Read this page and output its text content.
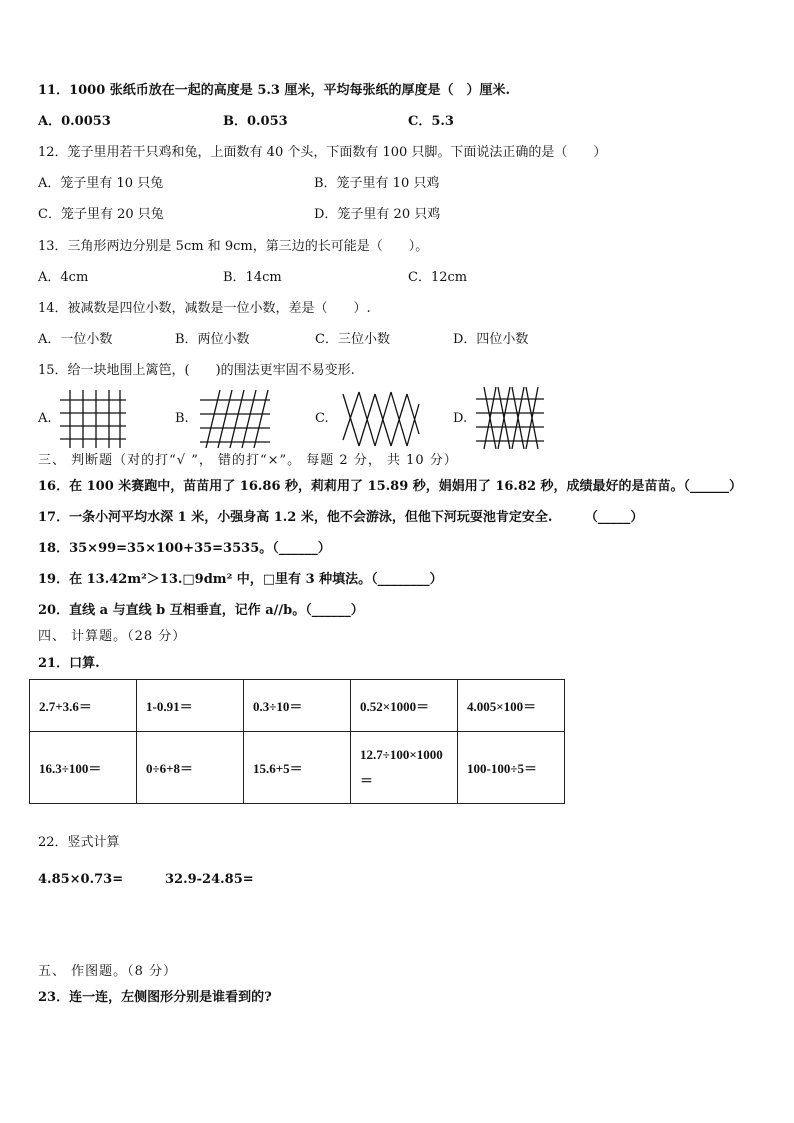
11．1000 张纸币放在一起的高度是 5.3 厘米，平均每张纸的厚度是（　）厘米.
A．0.0053	B．0.053	C．5.3
12．笼子里用若干只鸡和兔，上面数有 40 个头，下面数有 100 只脚。下面说法正确的是（　　）
A．笼子里有 10 只兔	B．笼子里有 10 只鸡
C．笼子里有 20 只兔	D．笼子里有 20 只鸡
13．三角形两边分别是 5cm 和 9cm，第三边的长可能是（　　）。
A．4cm	B．14cm	C．12cm
14．被减数是四位小数，减数是一位小数，差是（　　）.
A．一位小数	B．两位小数	C．三位小数	D．四位小数
15．给一块地围上篱笆，(　　)的围法更牢固不易变形.
A.	B.	C.	D.
三、 判断题（对的打“√ ”， 错的打“×”。 每题 2 分， 共 10 分）
16．在 100 米赛跑中，苗苗用了 16.86 秒，莉莉用了 15.89 秒，娟娟用了 16.82 秒，成绩最好的是苗苗。（______）
17．一条小河平均水深 1 米，小强身高 1.2 米，他不会游泳，但他下河玩耍池肯定安全.　　　（_____）
18．35×99=35×100+35=3535。（______）
19．在 13.42m²＞13.□9dm² 中，□里有 3 种填法。（________）
20．直线 a 与直线 b 互相垂直，记作 a//b。（______）
四、 计算题。（28 分）
21．口算.
2.7+3.6＝	1-0.91＝	0.3÷10＝	0.52×1000＝	4.005×100＝
16.3÷100＝	0÷6+8＝	15.6+5＝	12.7÷100×1000＝	100-100÷5＝
22．竖式计算
4.85×0.73=	32.9-24.85=
五、 作图题。（8 分）
23．连一连，左侧图形分别是谁看到的?
